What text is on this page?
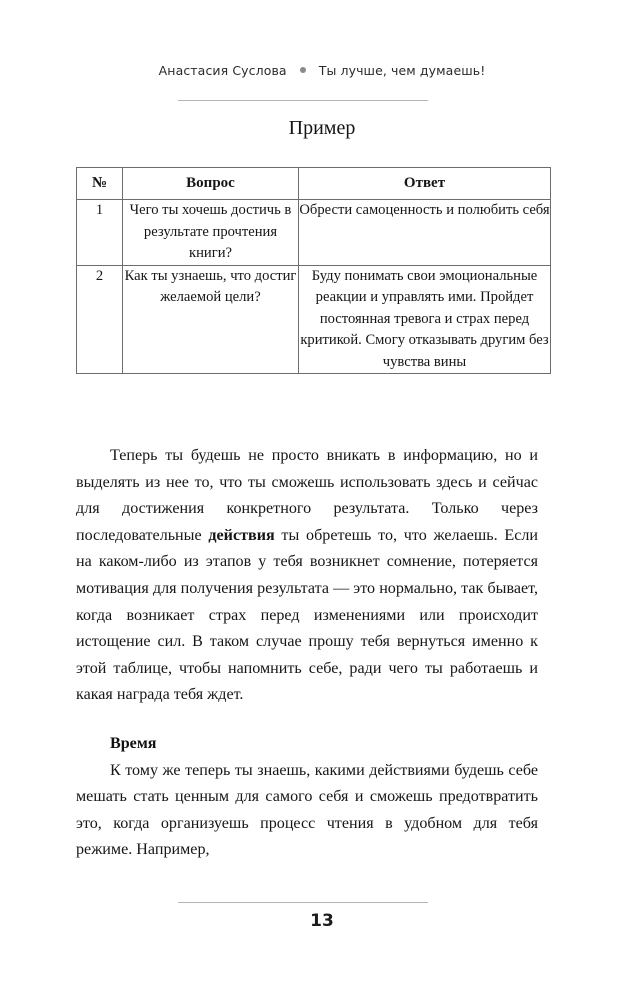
Анастасия Суслова	Ты лучше, чем думаешь!
Пример
№	Вопрос	Ответ
1	Чего ты хочешь достичь в результате прочтения книги?	Обрести самоценность и полюбить себя
2	Как ты узнаешь, что достиг желаемой цели?	Буду понимать свои эмоциональные реакции и управлять ими. Пройдет постоянная тревога и страх перед критикой. Смогу отказывать другим без чувства вины

Теперь ты будешь не просто вникать в информацию, но и выделять из нее то, что ты сможешь использовать здесь и сейчас для достижения конкретного результата. Только через последовательные действия ты обретешь то, что желаешь. Если на каком-либо из этапов у тебя возникнет сомнение, потеряется мотивация для получения результата — это нормально, так бывает, когда возникает страх перед изменениями или происходит истощение сил. В таком случае прошу тебя вернуться именно к этой таблице, чтобы напомнить себе, ради чего ты работаешь и какая награда тебя ждет.

Время

К тому же теперь ты знаешь, какими действиями будешь себе мешать стать ценным для самого себя и сможешь предотвратить это, когда организуешь процесс чтения в удобном для тебя режиме. Например,

13
